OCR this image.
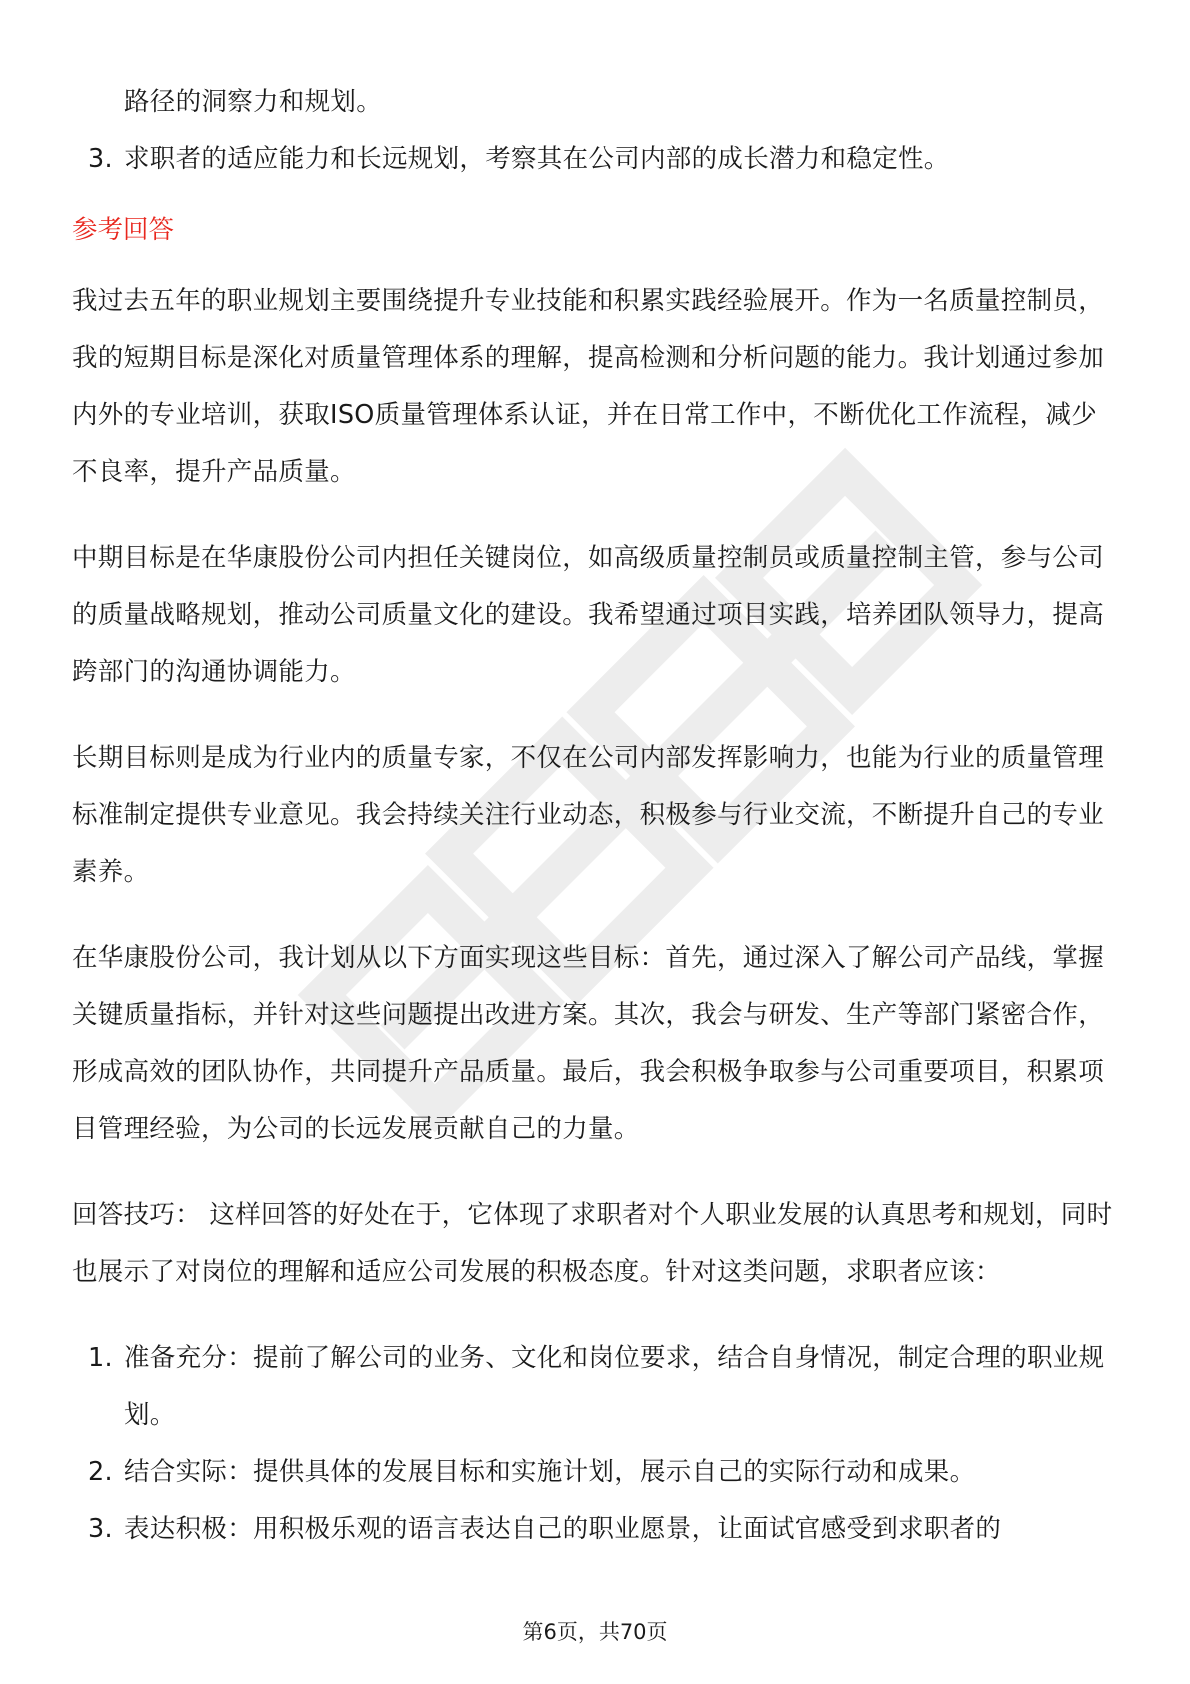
路径的洞察力和规划。
3. 求职者的适应能力和长远规划，考察其在公司内部的成长潜力和稳定性。

参考回答

我过去五年的职业规划主要围绕提升专业技能和积累实践经验展开。作为一名质量控制员，我的短期目标是深化对质量管理体系的理解，提高检测和分析问题的能力。我计划通过参加内外的专业培训，获取ISO质量管理体系认证，并在日常工作中，不断优化工作流程，减少不良率，提升产品质量。

中期目标是在华康股份公司内担任关键岗位，如高级质量控制员或质量控制主管，参与公司的质量战略规划，推动公司质量文化的建设。我希望通过项目实践，培养团队领导力，提高跨部门的沟通协调能力。

长期目标则是成为行业内的质量专家，不仅在公司内部发挥影响力，也能为行业的质量管理标准制定提供专业意见。我会持续关注行业动态，积极参与行业交流，不断提升自己的专业素养。

在华康股份公司，我计划从以下方面实现这些目标：首先，通过深入了解公司产品线，掌握关键质量指标，并针对这些问题提出改进方案。其次，我会与研发、生产等部门紧密合作，形成高效的团队协作，共同提升产品质量。最后，我会积极争取参与公司重要项目，积累项目管理经验，为公司的长远发展贡献自己的力量。

回答技巧： 这样回答的好处在于，它体现了求职者对个人职业发展的认真思考和规划，同时也展示了对岗位的理解和适应公司发展的积极态度。针对这类问题，求职者应该：

1. 准备充分：提前了解公司的业务、文化和岗位要求，结合自身情况，制定合理的职业规划。
2. 结合实际：提供具体的发展目标和实施计划，展示自己的实际行动和成果。
3. 表达积极：用积极乐观的语言表达自己的职业愿景，让面试官感受到求职者的
第6页，共70页
